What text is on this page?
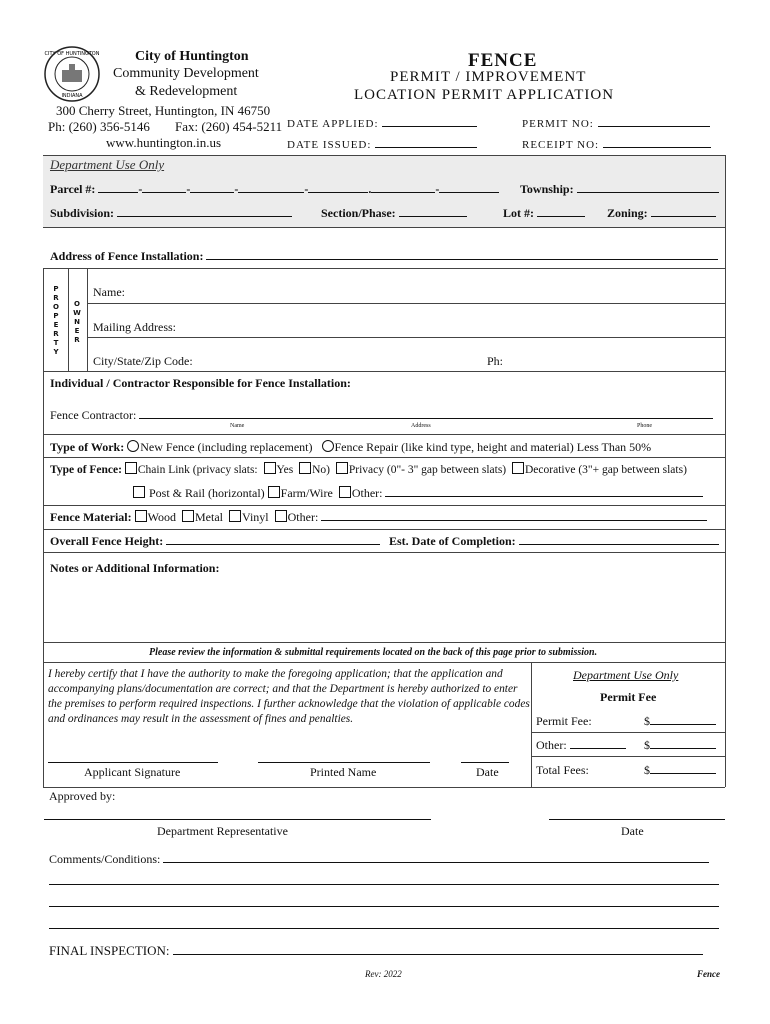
CITY OF HUNTINGTON
INDIANA
City of Huntington
Community Development
& Redevelopment
300 Cherry Street, Huntington, IN 46750
Ph: (260) 356-5146 Fax: (260) 454-5211
www.huntington.in.us
FENCE
PERMIT / IMPROVEMENT
LOCATION PERMIT APPLICATION
DATE APPLIED:	PERMIT NO:
DATE ISSUED:	RECEIPT NO:
Department Use Only
Parcel #:	-	-	-	-	.	-	Township:
Subdivision:	Section/Phase:	Lot #:	Zoning:
Address of Fence Installation:
P
R
O
P
E
R
T
Y
O
W
N
E
R
Name:
Mailing Address:
City/State/Zip Code:	Ph:
Individual / Contractor Responsible for Fence Installation:
Fence Contractor:
Name	Address	Phone
Type of Work: New Fence (including replacement) Fence Repair (like kind type, height and material) Less Than 50%
Type of Fence: Chain Link (privacy slats: Yes No) Privacy (0"- 3" gap between slats) Decorative (3"+ gap between slats)
Post & Rail (horizontal) Farm/Wire Other:
Fence Material: Wood Metal Vinyl Other:
Overall Fence Height:	Est. Date of Completion:
Notes or Additional Information:
Please review the information & submittal requirements located on the back of this page prior to submission.
I hereby certify that I have the authority to make the foregoing application; that the application and accompanying plans/documentation are correct; and that the Department is hereby authorized to enter the premises to perform required inspections. I further acknowledge that the violation of applicable codes and ordinances may result in the assessment of fines and penalties.
Applicant Signature	Printed Name	Date
Department Use Only
Permit Fee
Permit Fee:	$
Other:	$
Total Fees:	$
Approved by:
Department Representative	Date
Comments/Conditions:
FINAL INSPECTION:
Rev: 2022	Fence
